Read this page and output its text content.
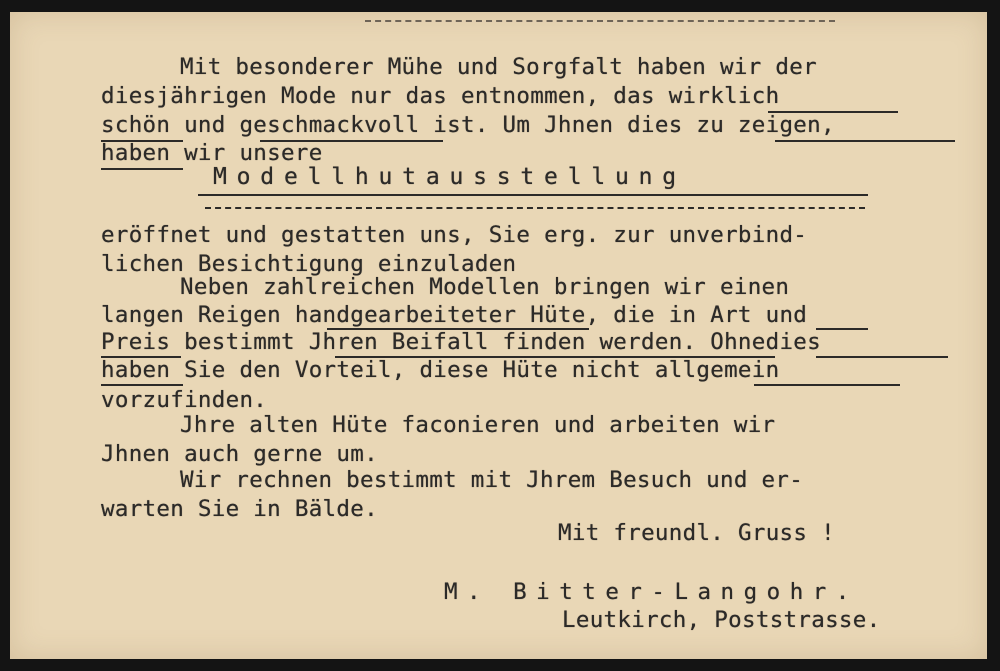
Mit besonderer Mühe und Sorgfalt haben wir der
diesjährigen Mode nur das entnommen, das wirklich
schön und geschmackvoll ist. Um Jhnen dies zu zeigen,
haben wir unsere
Modellhutausstellung
eröffnet und gestatten uns, Sie erg. zur unverbind-
lichen Besichtigung einzuladen
Neben zahlreichen Modellen bringen wir einen
langen Reigen handgearbeiteter Hüte, die in Art und
Preis bestimmt Jhren Beifall finden werden. Ohnedies
haben Sie den Vorteil, diese Hüte nicht allgemein
vorzufinden.
Jhre alten Hüte faconieren und arbeiten wir
Jhnen auch gerne um.
Wir rechnen bestimmt mit Jhrem Besuch und er-
warten Sie in Bälde.
Mit freundl. Gruss !
M. Bitter-Langohr.
Leutkirch, Poststrasse.
